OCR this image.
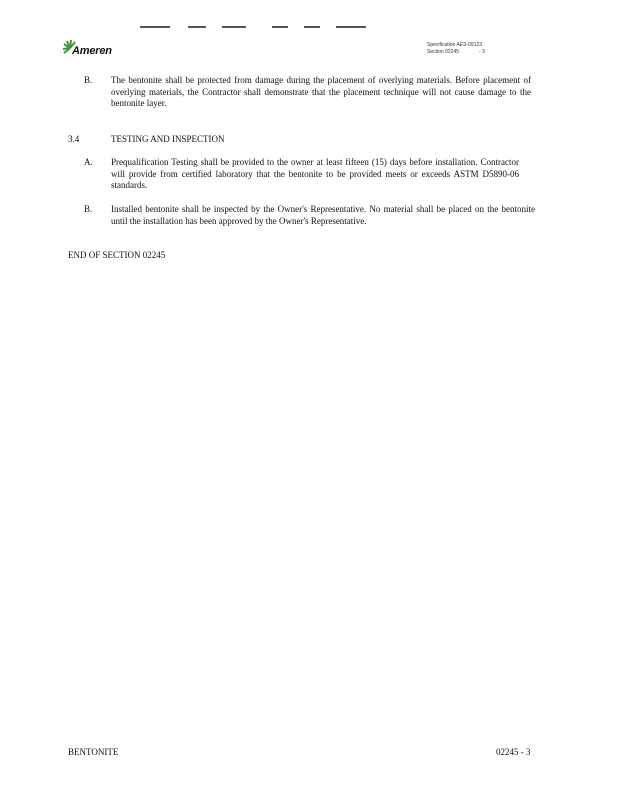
Ameren	Specification AES-09123
Section 02245	- 3
B. The bentonite shall be protected from damage during the placement of overlying materials. Before placement of overlying materials, the Contractor shall demonstrate that the placement technique will not cause damage to the bentonite layer.
3.4	TESTING AND INSPECTION
A. Prequalification Testing shall be provided to the owner at least fifteen (15) days before installation. Contractor will provide from certified laboratory that the bentonite to be provided meets or exceeds ASTM D5890-06 standards.
B. Installed bentonite shall be inspected by the Owner's Representative. No material shall be placed on the bentonite until the installation has been approved by the Owner's Representative.
END OF SECTION 02245
BENTONITE	02245 - 3
